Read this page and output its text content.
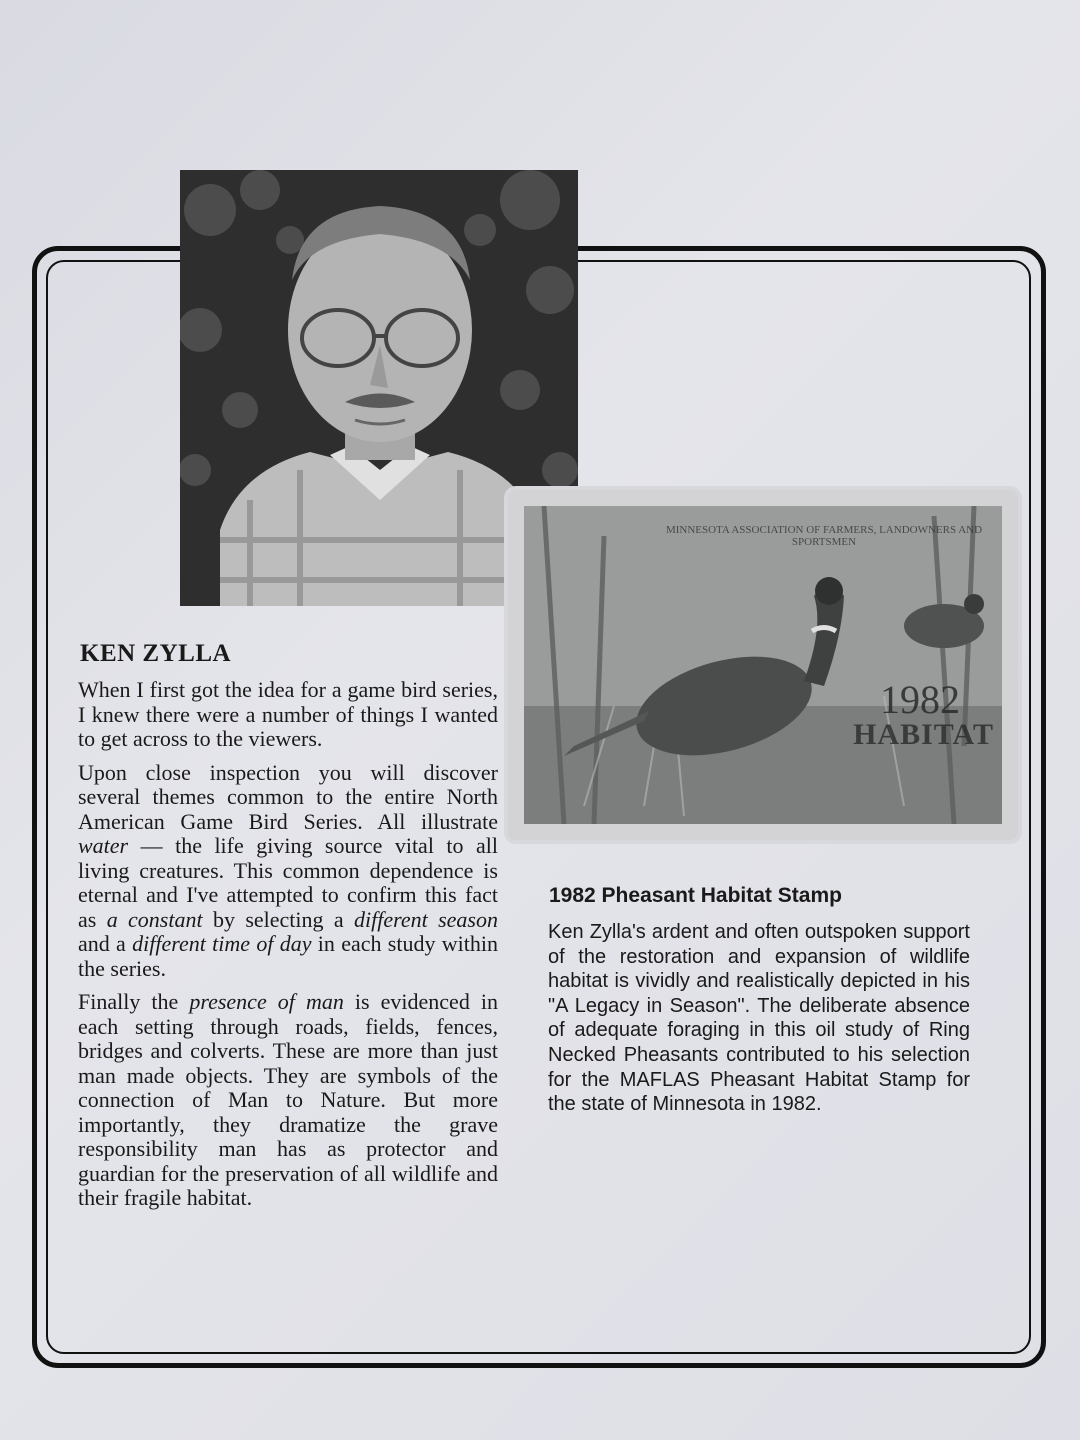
MINNESOTA ASSOCIATION OF FARMERS, LANDOWNERS AND SPORTSMEN
1982
HABITAT
KEN ZYLLA

When I first got the idea for a game bird series, I knew there were a number of things I wanted to get across to the viewers.

Upon close inspection you will discover several themes common to the entire North American Game Bird Series. All illustrate water — the life giving source vital to all living creatures. This common dependence is eternal and I've attempted to confirm this fact as a constant by selecting a different season and a different time of day in each study within the series.

Finally the presence of man is evidenced in each setting through roads, fields, fences, bridges and colverts. These are more than just man made objects. They are symbols of the connection of Man to Nature. But more importantly, they dramatize the grave responsibility man has as protector and guardian for the preservation of all wildlife and their fragile habitat.

1982 Pheasant Habitat Stamp

Ken Zylla's ardent and often outspoken support of the restoration and expansion of wildlife habitat is vividly and realistically depicted in his "A Legacy in Season". The deliberate absence of adequate foraging in this oil study of Ring Necked Pheasants contributed to his selection for the MAFLAS Pheasant Habitat Stamp for the state of Minnesota in 1982.
